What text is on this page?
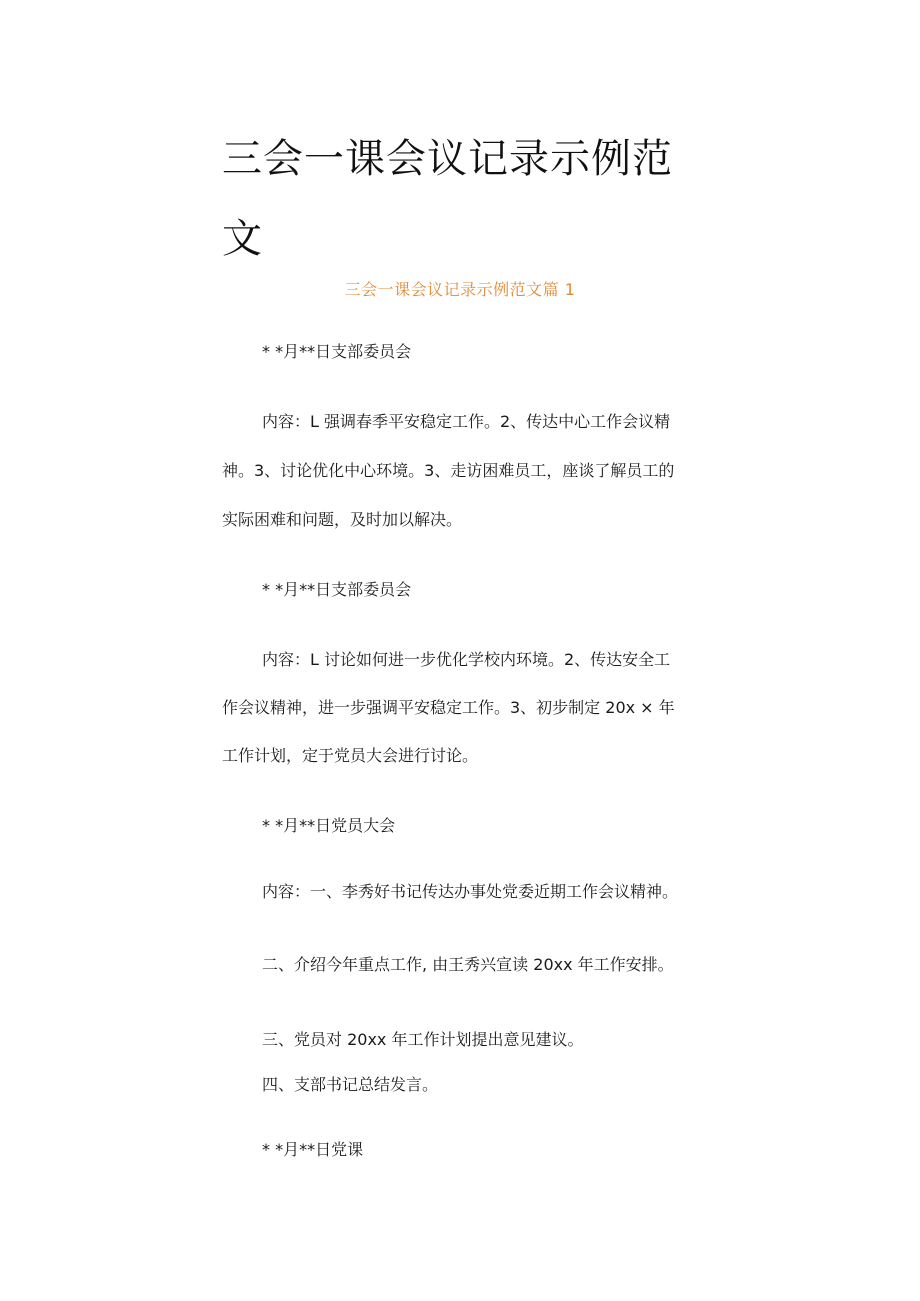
三会一课会议记录示例范
文
三会一课会议记录示例范文篇 1
* *月**日支部委员会
内容：L 强调春季平安稳定工作。2、传达中心工作会议精
神。3、讨论优化中心环境。3、走访困难员工，座谈了解员工的
实际困难和问题，及时加以解决。
* *月**日支部委员会
内容：L 讨论如何进一步优化学校内环境。2、传达安全工
作会议精神，进一步强调平安稳定工作。3、初步制定 20x × 年
工作计划，定于党员大会进行讨论。
* *月**日党员大会
内容：一、李秀好书记传达办事处党委近期工作会议精神。
二、介绍今年重点工作, 由王秀兴宣读 20xx 年工作安排。
三、党员对 20xx 年工作计划提出意见建议。
四、支部书记总结发言。
* *月**日党课
